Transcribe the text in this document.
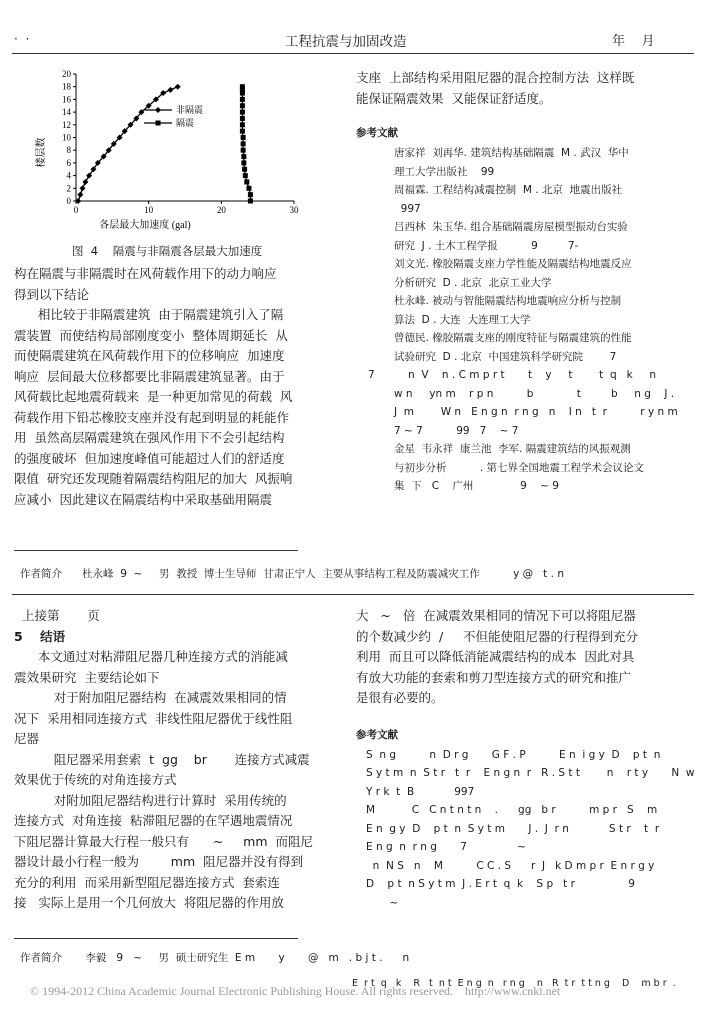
·  ·	工程抗震与加固改造	年    月
0	10	20	30
0
2
4
6
8
10
12
14
16
18
20
各层最大加速度 (gal)
楼层数
非隔震
隔震
图  4    隔震与非隔震各层最大加速度
构在隔震与非隔震时在风荷载作用下的动力响应
得到以下结论
相比较于非隔震建筑  由于隔震建筑引入了隔
震装置  而使结构局部刚度变小  整体周期延长  从
而使隔震建筑在风荷载作用下的位移响应  加速度
响应  层间最大位移都要比非隔震建筑显著。由于
风荷载比起地震荷载来  是一种更加常见的荷载  风
荷载作用下铅芯橡胶支座并没有起到明显的耗能作
用  虽然高层隔震建筑在强风作用下不会引起结构
的强度破坏  但加速度峰值可能超过人们的舒适度
限值  研究还发现随着隔震结构阻尼的加大  风振响
应减小  因此建议在隔震结构中采取基础用隔震
支座  上部结构采用阻尼器的混合控制方法  这样既
能保证隔震效果  又能保证舒适度。
参考文献
唐家祥  刘再华. 建筑结构基础隔震  M . 武汉  华中
理工大学出版社    99
周福霖. 工程结构减震控制  M . 北京  地震出版社
997
吕西林  朱玉华. 组合基础隔震房屋模型振动台实验
研究  J . 土木工程学报          9         7-
刘文光. 橡胶隔震支座力学性能及隔震结构地震反应
分析研究  D . 北京  北京工业大学
杜永峰. 被动与智能隔震结构地震响应分析与控制
算法  D . 大连  大连理工大学
曾德民. 橡胶隔震支座的刚度特征与隔震建筑的性能
试验研究  D . 北京  中国建筑科学研究院        7
7          n  V    n . C m p r t       t    y     t        t  q   k     n
w n     yn m    r p n          b             t         b     n g    J .
J  m        W n   E n g n  r n g   n    I n   t  r          r y n m
7 ~ 7          99   7    ~ 7
金星  韦永祥  康兰池  李军. 隔震建筑结的风振观测
与初步分析          . 第七界全国地震工程学术会议论文
集  下   C    广州              9    ~ 9
作者简介      杜永峰  9  ~     男  教授  博士生导师  甘肃正宁人  主要从事结构工程及防震减灾工作          y @   t . n
上接第       页
5    结语
本文通过对粘滞阻尼器几种连接方式的消能减
震效果研究  主要结论如下
对于附加阻尼器结构  在减震效果相同的情
况下  采用相同连接方式  非线性阻尼器优于线性阻
尼器
阻尼器采用套索  t  gg    br       连接方式减震
效果优于传统的对角连接方式
对附加阻尼器结构进行计算时  采用传统的
连接方式  对角连接  粘滞阻尼器的在罕遇地震情况
下阻尼器计算最大行程一般只有      ~     mm  而阻尼
器设计最小行程一般为        mm  阻尼器并没有得到
充分的利用  而采用新型阻尼器连接方式  套索连
接   实际上是用一个几何放大  将阻尼器的作用放
大   ~   倍  在减震效果相同的情况下可以将阻尼器
的个数减少约  /     不但能使阻尼器的行程得到充分
利用  而且可以降低消能减震结构的成本  因此对具
有放大功能的套索和剪刀型连接方式的研究和推广
是很有必要的。
参考文献
S  n g          n  D r g       G F . P          E n  i g y  D    p t  n
S y t m  n  S t r   t  r    E n g n  r   R . S t t        n    r t y       N  w
Y r k  t  B            997
M           C   C n t n t n    .      gg   b r          m p r   S    m
E n  g y  D    p t  n  S y t m       J .  J  r n            S t r    t  r
E n g  n  r n g       7               ~
n  N S   n    M          C C . S      r  J   k D m p r  E n r g y
D    p t  n S y t m  J . E r t  q  k    S p   t r                9
~
作者简介       李毅   9   ~     男  硕士研究生  E m       y       @   m   . b j t .      n
E  r t  q   k    R   t  n t  E n g  n   r n g    n   R  t r  t t n g    D    m b r  .
© 1994-2012 China Academic Journal Electronic Publishing House. All rights reserved.    http://www.cnki.net
